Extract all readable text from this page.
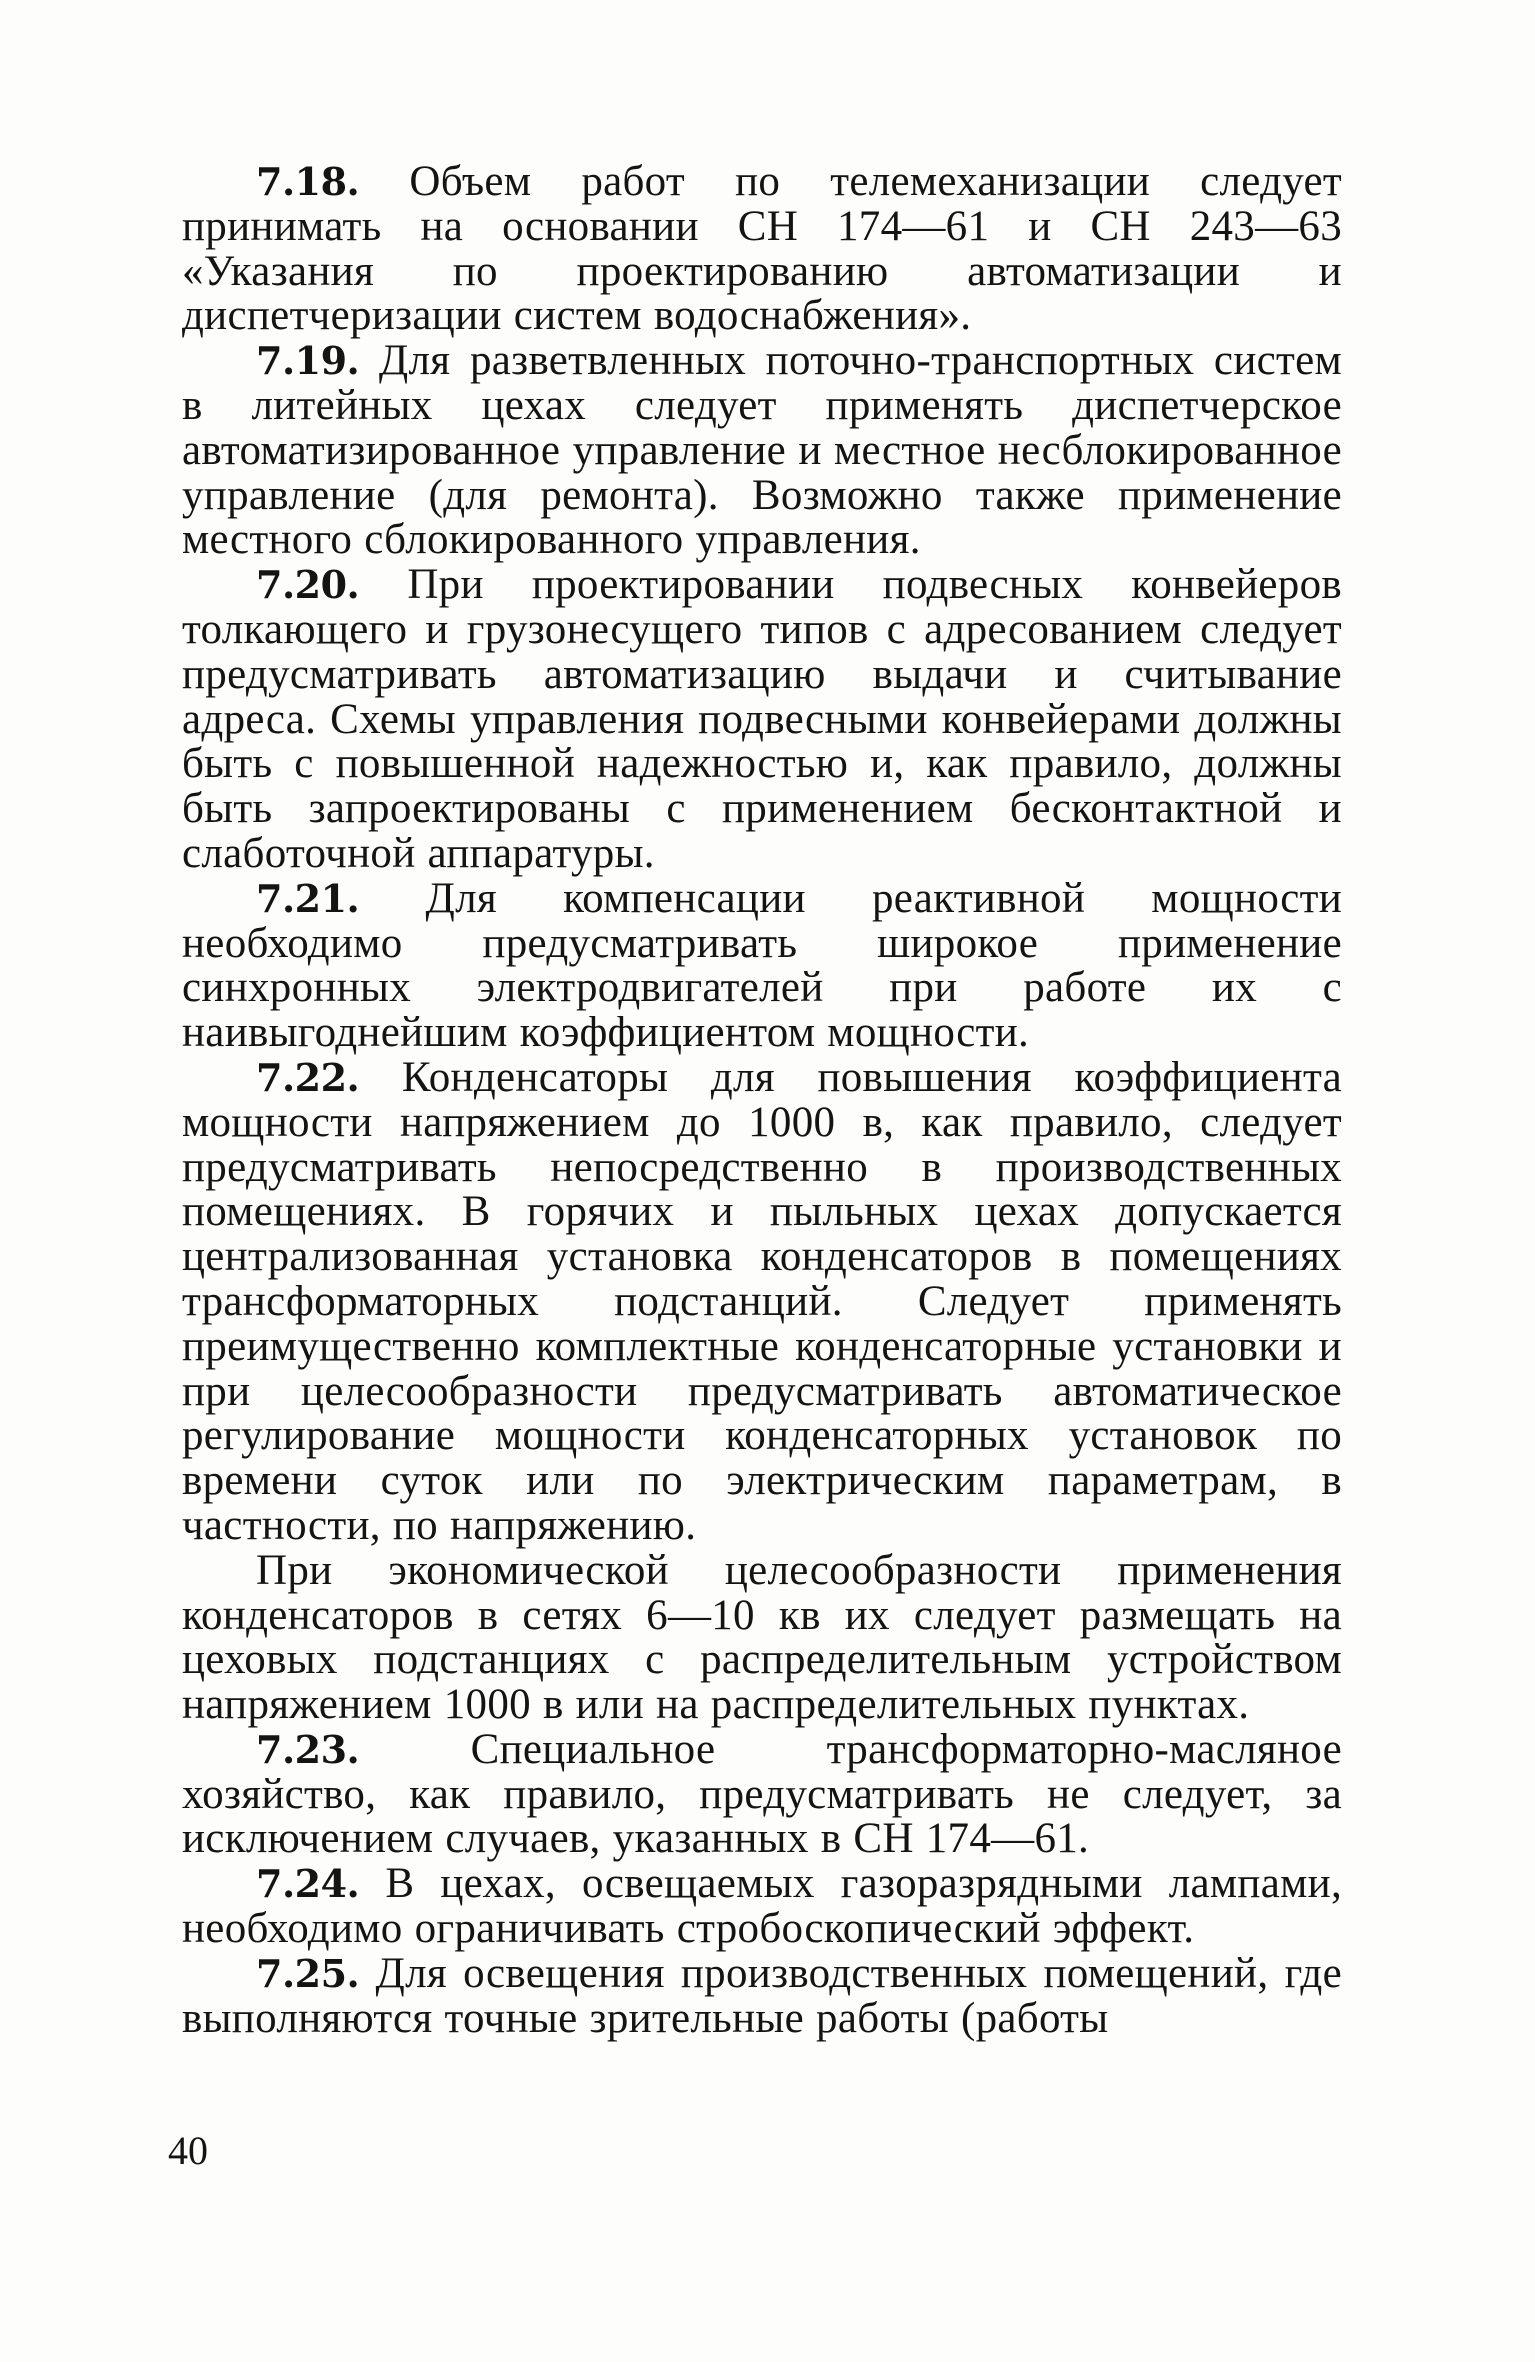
7.18. Объем работ по телемеханизации следует принимать на основании СН 174—61 и СН 243—63 «Указания по проектированию автоматизации и диспетчеризации систем водоснабжения».

7.19. Для разветвленных поточно-транспортных систем в литейных цехах следует применять диспетчерское автоматизированное управление и местное несблокированное управление (для ремонта). Возможно также применение местного сблокированного управления.

7.20. При проектировании подвесных конвейеров толкающего и грузонесущего типов с адресованием следует предусматривать автоматизацию выдачи и считывание адреса. Схемы управления подвесными конвейерами должны быть с повышенной надежностью и, как правило, должны быть запроектированы с применением бесконтактной и слаботочной аппаратуры.

7.21. Для компенсации реактивной мощности необходимо предусматривать широкое применение синхронных электродвигателей при работе их с наивыгоднейшим коэффициентом мощности.

7.22. Конденсаторы для повышения коэффициента мощности напряжением до 1000 в, как правило, следует предусматривать непосредственно в производственных помещениях. В горячих и пыльных цехах допускается централизованная установка конденсаторов в помещениях трансформаторных подстанций. Следует применять преимущественно комплектные конденсаторные установки и при целесообразности предусматривать автоматическое регулирование мощности конденсаторных установок по времени суток или по электрическим параметрам, в частности, по напряжению.

При экономической целесообразности применения конденсаторов в сетях 6—10 кв их следует размещать на цеховых подстанциях с распределительным устройством напряжением 1000 в или на распределительных пунктах.

7.23. Специальное трансформаторно-масляное хозяйство, как правило, предусматривать не следует, за исключением случаев, указанных в СН 174—61.

7.24. В цехах, освещаемых газоразрядными лампами, необходимо ограничивать стробоскопический эффект.

7.25. Для освещения производственных помещений, где выполняются точные зрительные работы (работы

40
